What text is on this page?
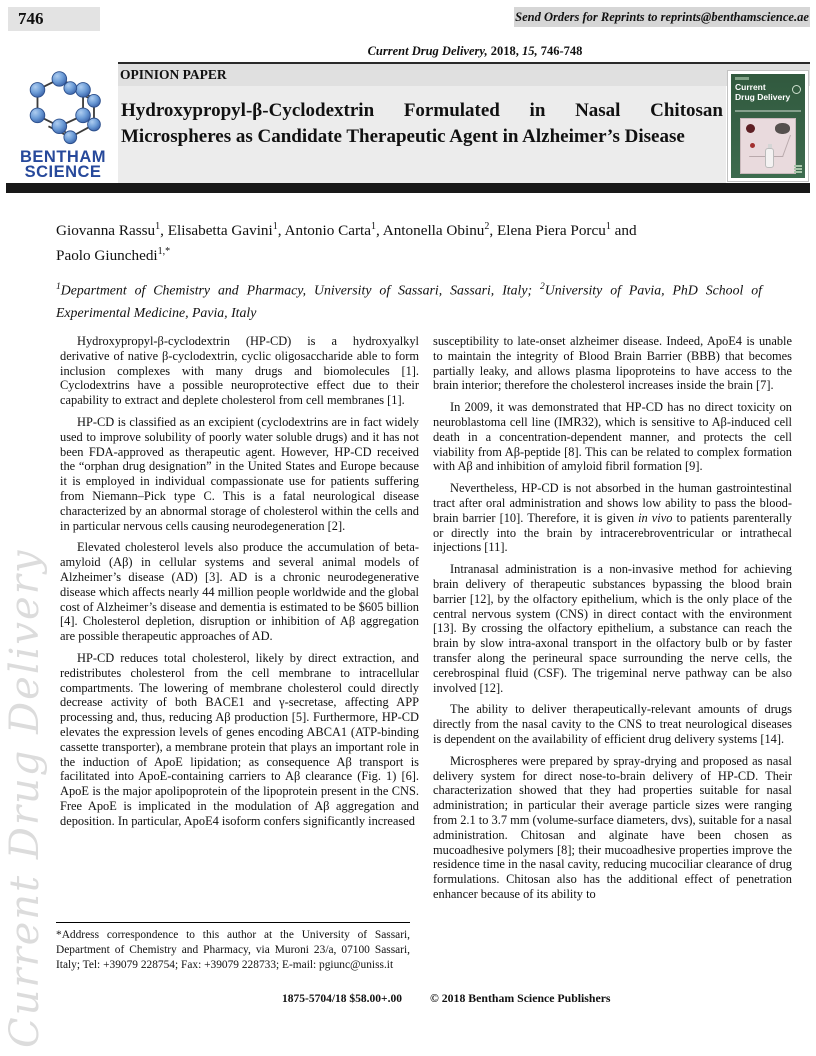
Current Drug Delivery
746	Send Orders for Reprints to reprints@benthamscience.ae
Current Drug Delivery, 2018, 15, 746-748
OPINION PAPER
Hydroxypropyl-β-Cyclodextrin Formulated in Nasal Chitosan Microspheres as Candidate Therapeutic Agent in Alzheimer’s Disease
BENTHAM
SCIENCE
Current
Drug Delivery
Giovanna Rassu$^1$, Elisabetta Gavini$^1$, Antonio Carta$^1$, Antonella Obinu$^2$, Elena Piera Porcu$^1$ and
Paolo Giunchedi$^{1,*}$
$^1$Department of Chemistry and Pharmacy, University of Sassari, Sassari, Italy; $^2$University of Pavia, PhD School of Experimental Medicine, Pavia, Italy

Hydroxypropyl-β-cyclodextrin (HP-CD) is a hydroxyalkyl derivative of native β-cyclodextrin, cyclic oligosaccharide able to form inclusion complexes with many drugs and biomolecules [1]. Cyclodextrins have a possible neuroprotective effect due to their capability to extract and deplete cholesterol from cell membranes [1].

HP-CD is classified as an excipient (cyclodextrins are in fact widely used to improve solubility of poorly water soluble drugs) and it has not been FDA-approved as therapeutic agent. However, HP-CD received the “orphan drug designation” in the United States and Europe because it is employed in individual compassionate use for patients suffering from Niemann–Pick type C. This is a fatal neurological disease characterized by an abnormal storage of cholesterol within the cells and in particular nervous cells causing neurodegeneration [2].

Elevated cholesterol levels also produce the accumulation of beta-amyloid (Aβ) in cellular systems and several animal models of Alzheimer’s disease (AD) [3]. AD is a chronic neurodegenerative disease which affects nearly 44 million people worldwide and the global cost of Alzheimer’s disease and dementia is estimated to be $605 billion [4]. Cholesterol depletion, disruption or inhibition of Aβ aggregation are possible therapeutic approaches of AD.

HP-CD reduces total cholesterol, likely by direct extraction, and redistributes cholesterol from the cell membrane to intracellular compartments. The lowering of membrane cholesterol could directly decrease activity of both BACE1 and γ-secretase, affecting APP processing and, thus, reducing Aβ production [5]. Furthermore, HP-CD elevates the expression levels of genes encoding ABCA1 (ATP-binding cassette transporter), a membrane protein that plays an important role in the induction of ApoE lipidation; as consequence Aβ transport is facilitated into ApoE-containing carriers to Aβ clearance (Fig. 1) [6]. ApoE is the major apolipoprotein of the lipoprotein present in the CNS. Free ApoE is implicated in the modulation of Aβ aggregation and deposition. In particular, ApoE4 isoform confers significantly increased

susceptibility to late-onset alzheimer disease. Indeed, ApoE4 is unable to maintain the integrity of Blood Brain Barrier (BBB) that becomes partially leaky, and allows plasma lipoproteins to have access to the brain interior; therefore the cholesterol increases inside the brain [7].

In 2009, it was demonstrated that HP-CD has no direct toxicity on neuroblastoma cell line (IMR32), which is sensitive to Aβ-induced cell death in a concentration-dependent manner, and protects the cell viability from Aβ-peptide [8]. This can be related to complex formation with Aβ and inhibition of amyloid fibril formation [9].

Nevertheless, HP-CD is not absorbed in the human gastrointestinal tract after oral administration and shows low ability to pass the blood-brain barrier [10]. Therefore, it is given in vivo to patients parenterally or directly into the brain by intracerebroventricular or intrathecal injections [11].

Intranasal administration is a non-invasive method for achieving brain delivery of therapeutic substances bypassing the blood brain barrier [12], by the olfactory epithelium, which is the only place of the central nervous system (CNS) in direct contact with the environment [13]. By crossing the olfactory epithelium, a substance can reach the brain by slow intra-axonal transport in the olfactory bulb or by faster transfer along the perineural space surrounding the nerve cells, the cerebrospinal fluid (CSF). The trigeminal nerve pathway can be also involved [12].

The ability to deliver therapeutically-relevant amounts of drugs directly from the nasal cavity to the CNS to treat neurological diseases is dependent on the availability of efficient drug delivery systems [14].

Microspheres were prepared by spray-drying and proposed as nasal delivery system for direct nose-to-brain delivery of HP-CD. Their characterization showed that they had properties suitable for nasal administration; in particular their average particle sizes were ranging from 2.1 to 3.7 mm (volume-surface diameters, dvs), suitable for a nasal administration. Chitosan and alginate have been chosen as mucoadhesive polymers [8]; their mucoadhesive properties improve the residence time in the nasal cavity, reducing mucociliar clearance of drug formulations. Chitosan also has the additional effect of penetration enhancer because of its ability to

*Address correspondence to this author at the University of Sassari, Department of Chemistry and Pharmacy, via Muroni 23/a, 07100 Sassari, Italy; Tel: +39079 228754; Fax: +39079 228733; E-mail: pgiunc@uniss.it
1875-5704/18 $58.00+.00 © 2018 Bentham Science Publishers
